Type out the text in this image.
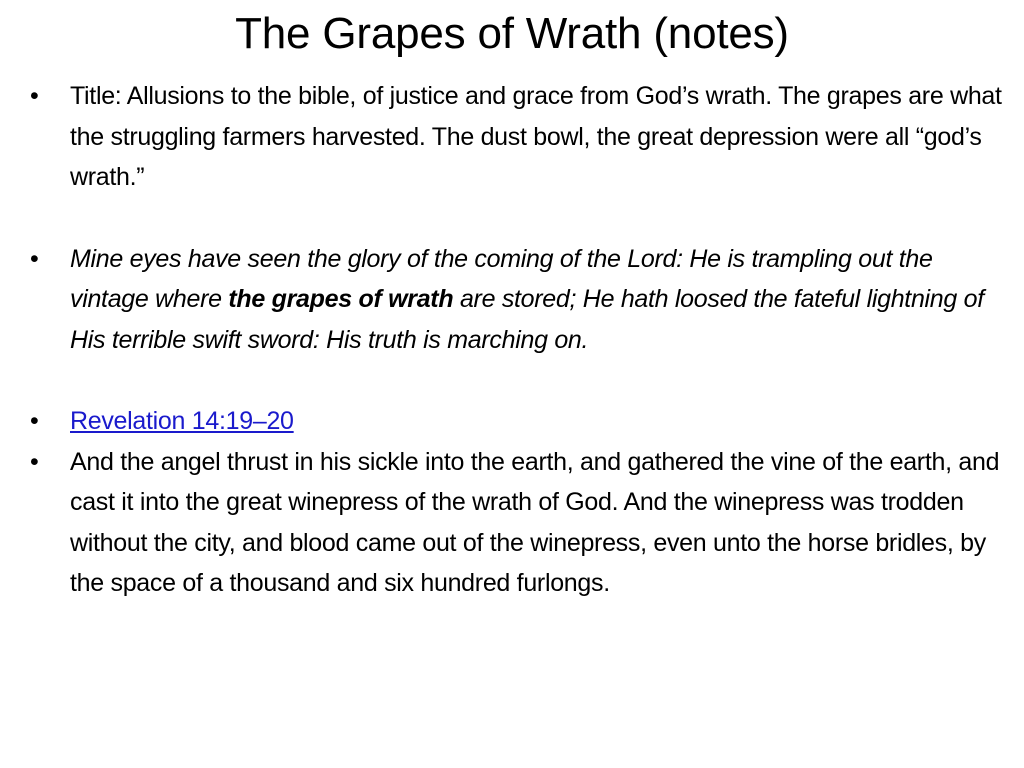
The Grapes of Wrath (notes)
•	Title: Allusions to the bible, of justice and grace from God’s wrath. The grapes are what the struggling farmers harvested. The dust bowl, the great depression were all “god’s wrath.”
•	Mine eyes have seen the glory of the coming of the Lord: He is trampling out the vintage where the grapes of wrath are stored; He hath loosed the fateful lightning of His terrible swift sword: His truth is marching on.
•	Revelation 14:19–20
•	And the angel thrust in his sickle into the earth, and gathered the vine of the earth, and cast it into the great winepress of the wrath of God. And the winepress was trodden without the city, and blood came out of the winepress, even unto the horse bridles, by the space of a thousand and six hundred furlongs.
